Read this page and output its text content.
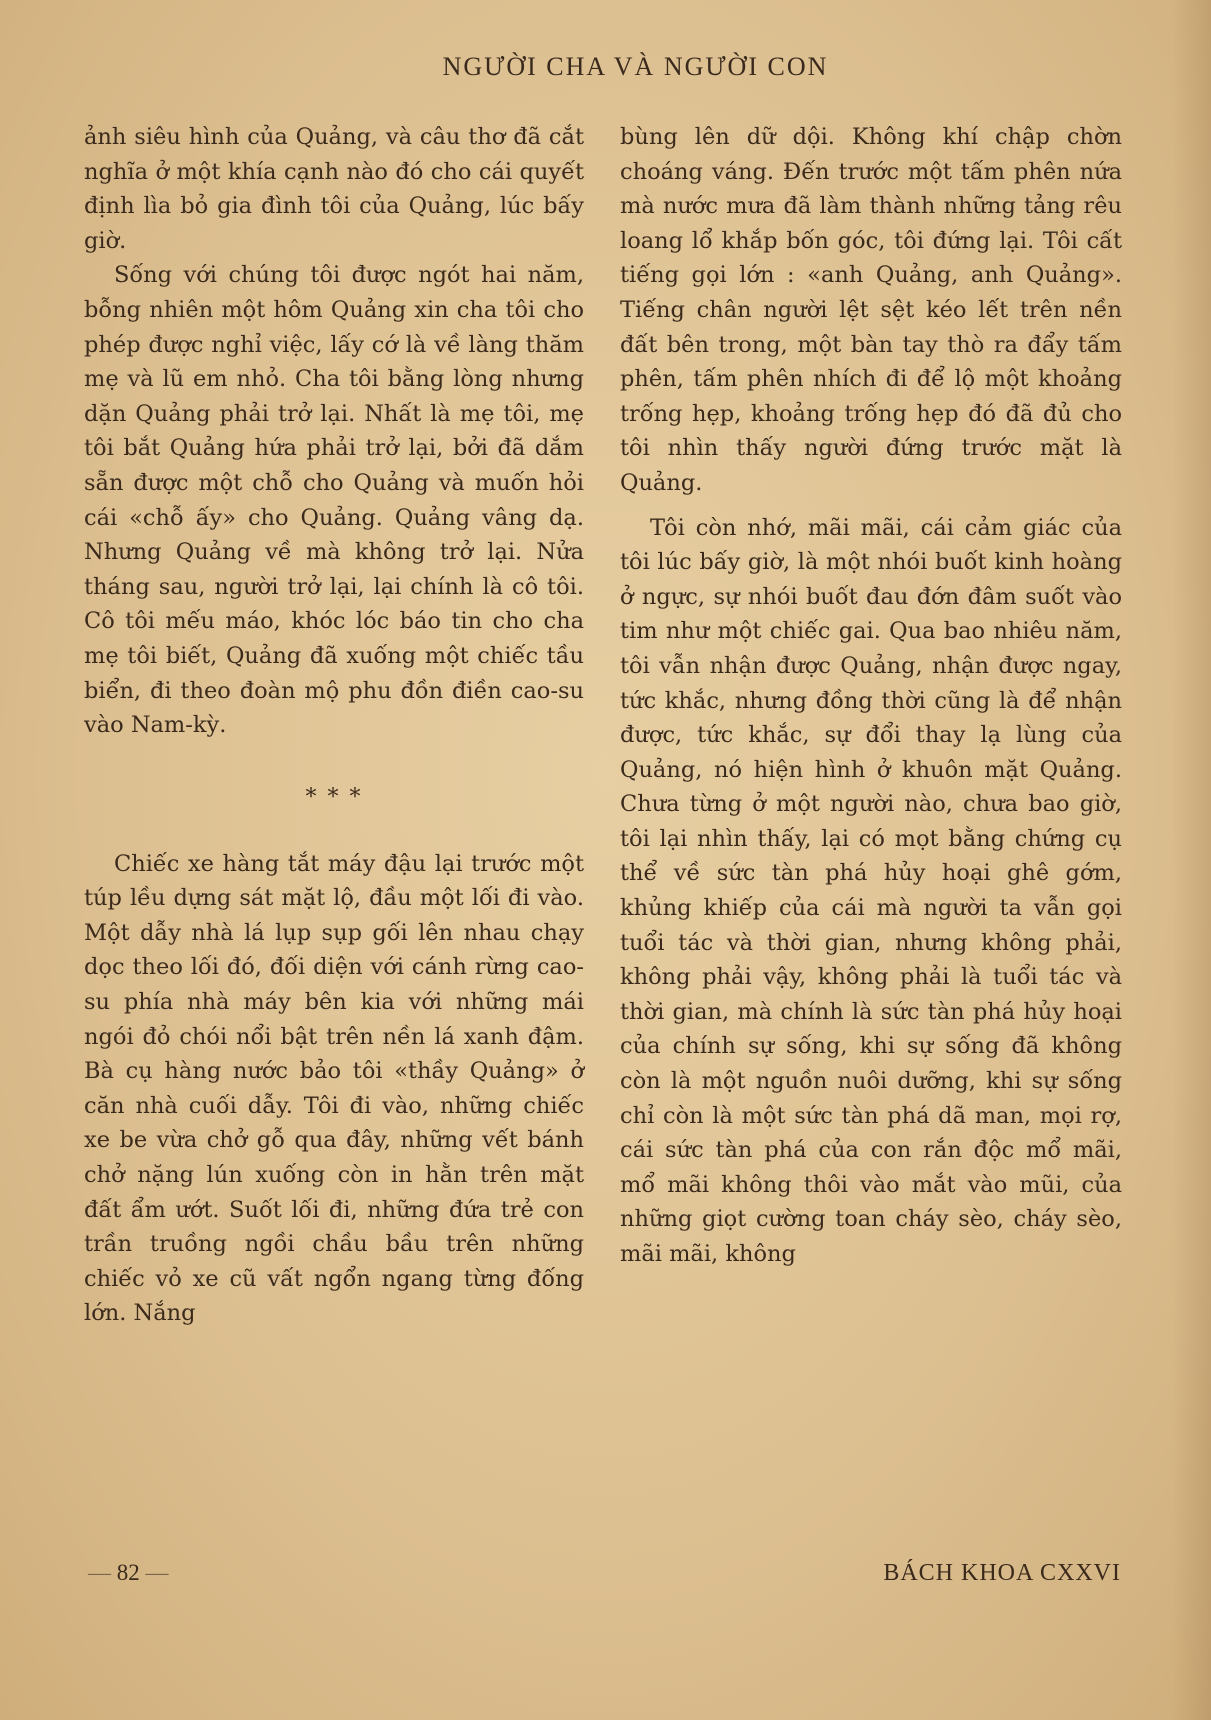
NGƯỜI CHA VÀ NGƯỜI CON

ảnh siêu hình của Quảng, và câu thơ đã cắt nghĩa ở một khía cạnh nào đó cho cái quyết định lìa bỏ gia đình tôi của Quảng, lúc bấy giờ.

Sống với chúng tôi được ngót hai năm, bỗng nhiên một hôm Quảng xin cha tôi cho phép được nghỉ việc, lấy cớ là về làng thăm mẹ và lũ em nhỏ. Cha tôi bằng lòng nhưng dặn Quảng phải trở lại. Nhất là mẹ tôi, mẹ tôi bắt Quảng hứa phải trở lại, bởi đã dắm sẵn được một chỗ cho Quảng và muốn hỏi cái «chỗ ấy» cho Quảng. Quảng vâng dạ. Nhưng Quảng về mà không trở lại. Nửa tháng sau, người trở lại, lại chính là cô tôi. Cô tôi mếu máo, khóc lóc báo tin cho cha mẹ tôi biết, Quảng đã xuống một chiếc tầu biển, đi theo đoàn mộ phu đồn điền cao-su vào Nam-kỳ.

* * *

Chiếc xe hàng tắt máy đậu lại trước một túp lều dựng sát mặt lộ, đầu một lối đi vào. Một dẫy nhà lá lụp sụp gối lên nhau chạy dọc theo lối đó, đối diện với cánh rừng cao-su phía nhà máy bên kia với những mái ngói đỏ chói nổi bật trên nền lá xanh đậm. Bà cụ hàng nước bảo tôi «thầy Quảng» ở căn nhà cuối dẫy. Tôi đi vào, những chiếc xe be vừa chở gỗ qua đây, những vết bánh chở nặng lún xuống còn in hằn trên mặt đất ẩm ướt. Suốt lối đi, những đứa trẻ con trần truồng ngồi chầu bầu trên những chiếc vỏ xe cũ vất ngổn ngang từng đống lớn. Nắng

bùng lên dữ dội. Không khí chập chờn choáng váng. Đến trước một tấm phên nứa mà nước mưa đã làm thành những tảng rêu loang lổ khắp bốn góc, tôi đứng lại. Tôi cất tiếng gọi lớn : «anh Quảng, anh Quảng». Tiếng chân người lệt sệt kéo lết trên nền đất bên trong, một bàn tay thò ra đẩy tấm phên, tấm phên nhích đi để lộ một khoảng trống hẹp, khoảng trống hẹp đó đã đủ cho tôi nhìn thấy người đứng trước mặt là Quảng.

Tôi còn nhớ, mãi mãi, cái cảm giác của tôi lúc bấy giờ, là một nhói buốt kinh hoàng ở ngực, sự nhói buốt đau đớn đâm suốt vào tim như một chiếc gai. Qua bao nhiêu năm, tôi vẫn nhận được Quảng, nhận được ngay, tức khắc, nhưng đồng thời cũng là để nhận được, tức khắc, sự đổi thay lạ lùng của Quảng, nó hiện hình ở khuôn mặt Quảng. Chưa từng ở một người nào, chưa bao giờ, tôi lại nhìn thấy, lại có mọt bằng chứng cụ thể về sức tàn phá hủy hoại ghê gớm, khủng khiếp của cái mà người ta vẫn gọi tuổi tác và thời gian, nhưng không phải, không phải vậy, không phải là tuổi tác và thời gian, mà chính là sức tàn phá hủy hoại của chính sự sống, khi sự sống đã không còn là một nguồn nuôi dưỡng, khi sự sống chỉ còn là một sức tàn phá dã man, mọi rợ, cái sức tàn phá của con rắn độc mổ mãi, mổ mãi không thôi vào mắt vào mũi, của những giọt cường toan cháy sèo, cháy sèo, mãi mãi, không

— 82 —	BÁCH KHOA CXXVI
